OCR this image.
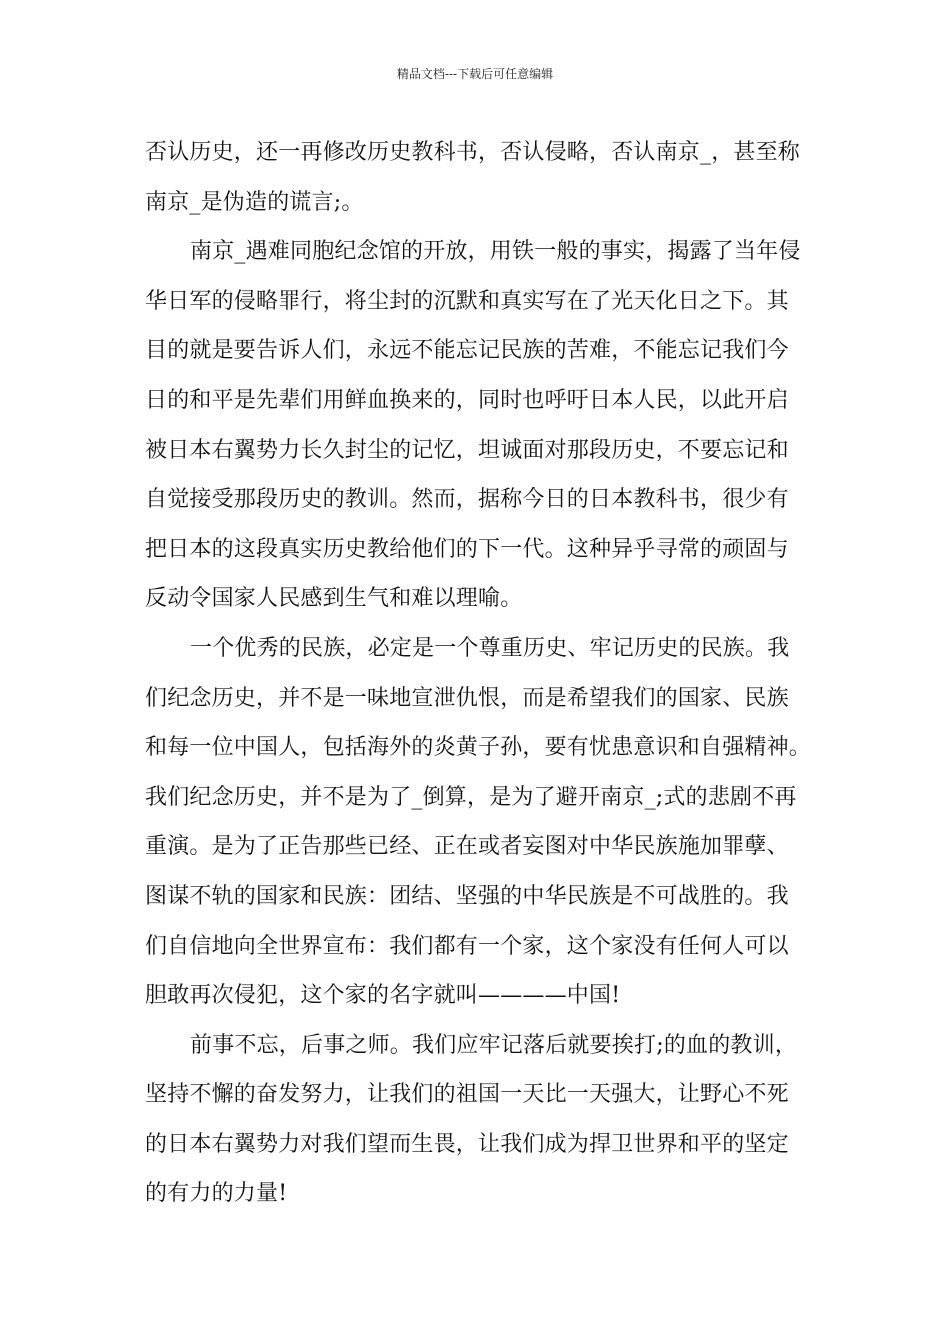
精品文档---下载后可任意编辑

否认历史，还一再修改历史教科书，否认侵略，否认南京_，甚至称

南京_是伪造的谎言;。

南京_遇难同胞纪念馆的开放，用铁一般的事实，揭露了当年侵

华日军的侵略罪行，将尘封的沉默和真实写在了光天化日之下。其

目的就是要告诉人们，永远不能忘记民族的苦难，不能忘记我们今

日的和平是先辈们用鲜血换来的，同时也呼吁日本人民，以此开启

被日本右翼势力长久封尘的记忆，坦诚面对那段历史，不要忘记和

自觉接受那段历史的教训。然而，据称今日的日本教科书，很少有

把日本的这段真实历史教给他们的下一代。这种异乎寻常的顽固与

反动令国家人民感到生气和难以理喻。

一个优秀的民族，必定是一个尊重历史、牢记历史的民族。我

们纪念历史，并不是一味地宣泄仇恨，而是希望我们的国家、民族

和每一位中国人，包括海外的炎黄子孙，要有忧患意识和自强精神。

我们纪念历史，并不是为了_倒算，是为了避开南京_;式的悲剧不再

重演。是为了正告那些已经、正在或者妄图对中华民族施加罪孽、

图谋不轨的国家和民族：团结、坚强的中华民族是不可战胜的。我

们自信地向全世界宣布：我们都有一个家，这个家没有任何人可以

胆敢再次侵犯，这个家的名字就叫————中国!

前事不忘，后事之师。我们应牢记落后就要挨打;的血的教训，

坚持不懈的奋发努力，让我们的祖国一天比一天强大，让野心不死

的日本右翼势力对我们望而生畏，让我们成为捍卫世界和平的坚定

的有力的力量!
